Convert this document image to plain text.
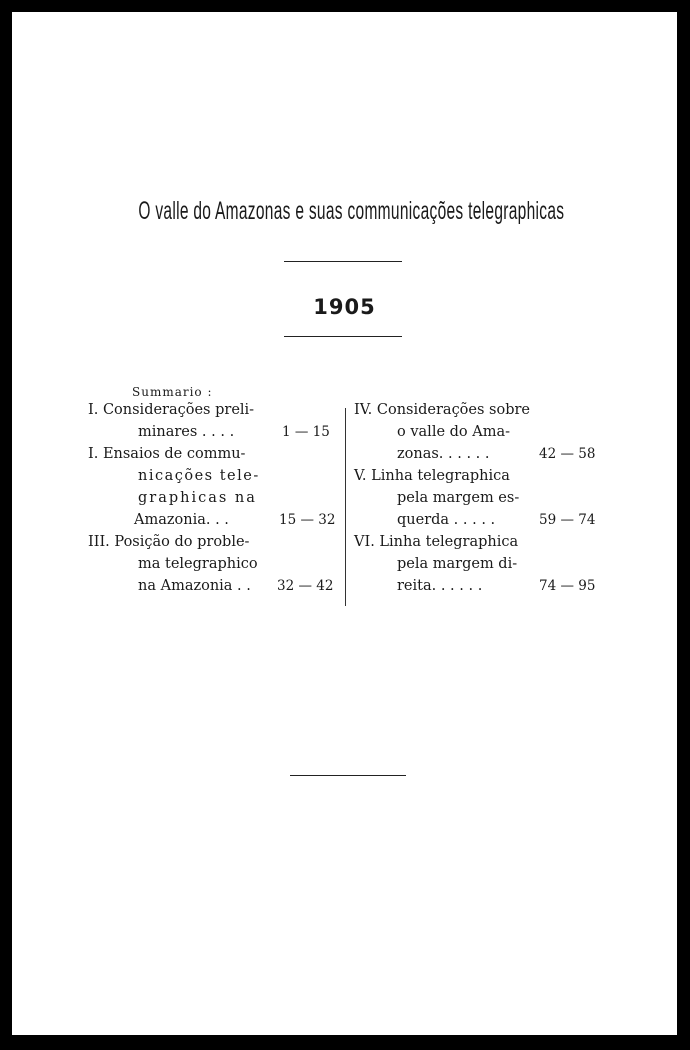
O valle do Amazonas e suas communicações telegraphicas
1905
Summario :
I. Considerações preli-
minares . . . .	1 — 15
I. Ensaios de commu-
nicações tele-
graphicas na
Amazonia. . .	15 — 32
III. Posição do proble-
ma telegraphico
na Amazonia . . 32 — 42
IV. Considerações sobre
o valle do Ama-
zonas. . . . . .	42 — 58
V. Linha telegraphica
pela margem es-
querda . . . . .	59 — 74
VI. Linha telegraphica
pela margem di-
reita. . . . . .	74 — 95
